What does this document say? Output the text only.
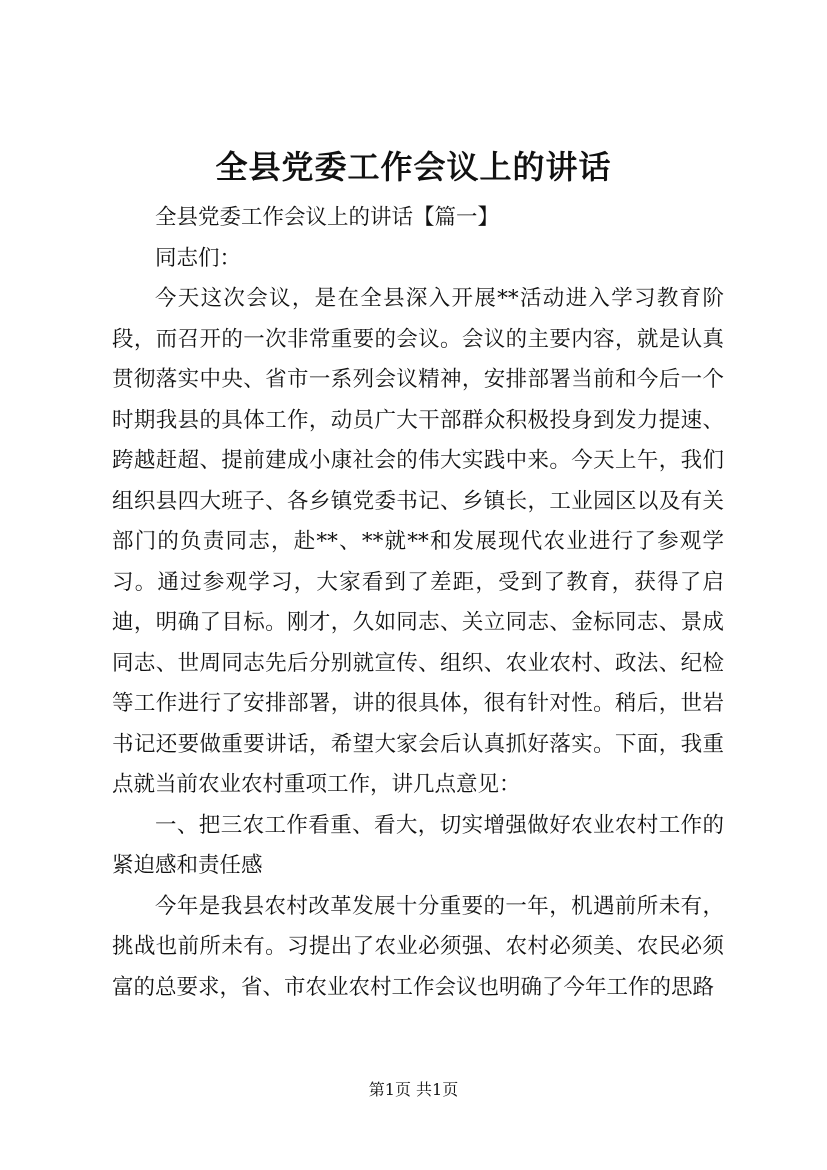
全县党委工作会议上的讲话

全县党委工作会议上的讲话【篇一】

同志们：

今天这次会议，是在全县深入开展**活动进入学习教育阶段，而召开的一次非常重要的会议。会议的主要内容，就是认真贯彻落实中央、省市一系列会议精神，安排部署当前和今后一个时期我县的具体工作，动员广大干部群众积极投身到发力提速、跨越赶超、提前建成小康社会的伟大实践中来。今天上午，我们组织县四大班子、各乡镇党委书记、乡镇长，工业园区以及有关部门的负责同志，赴**、**就**和发展现代农业进行了参观学习。通过参观学习，大家看到了差距，受到了教育，获得了启迪，明确了目标。刚才，久如同志、关立同志、金标同志、景成同志、世周同志先后分别就宣传、组织、农业农村、政法、纪检等工作进行了安排部署，讲的很具体，很有针对性。稍后，世岩书记还要做重要讲话，希望大家会后认真抓好落实。下面，我重点就当前农业农村重项工作，讲几点意见：

一、把三农工作看重、看大，切实增强做好农业农村工作的紧迫感和责任感

今年是我县农村改革发展十分重要的一年，机遇前所未有，挑战也前所未有。习提出了农业必须强、农村必须美、农民必须富的总要求，省、市农业农村工作会议也明确了今年工作的思路

第1页 共1页
